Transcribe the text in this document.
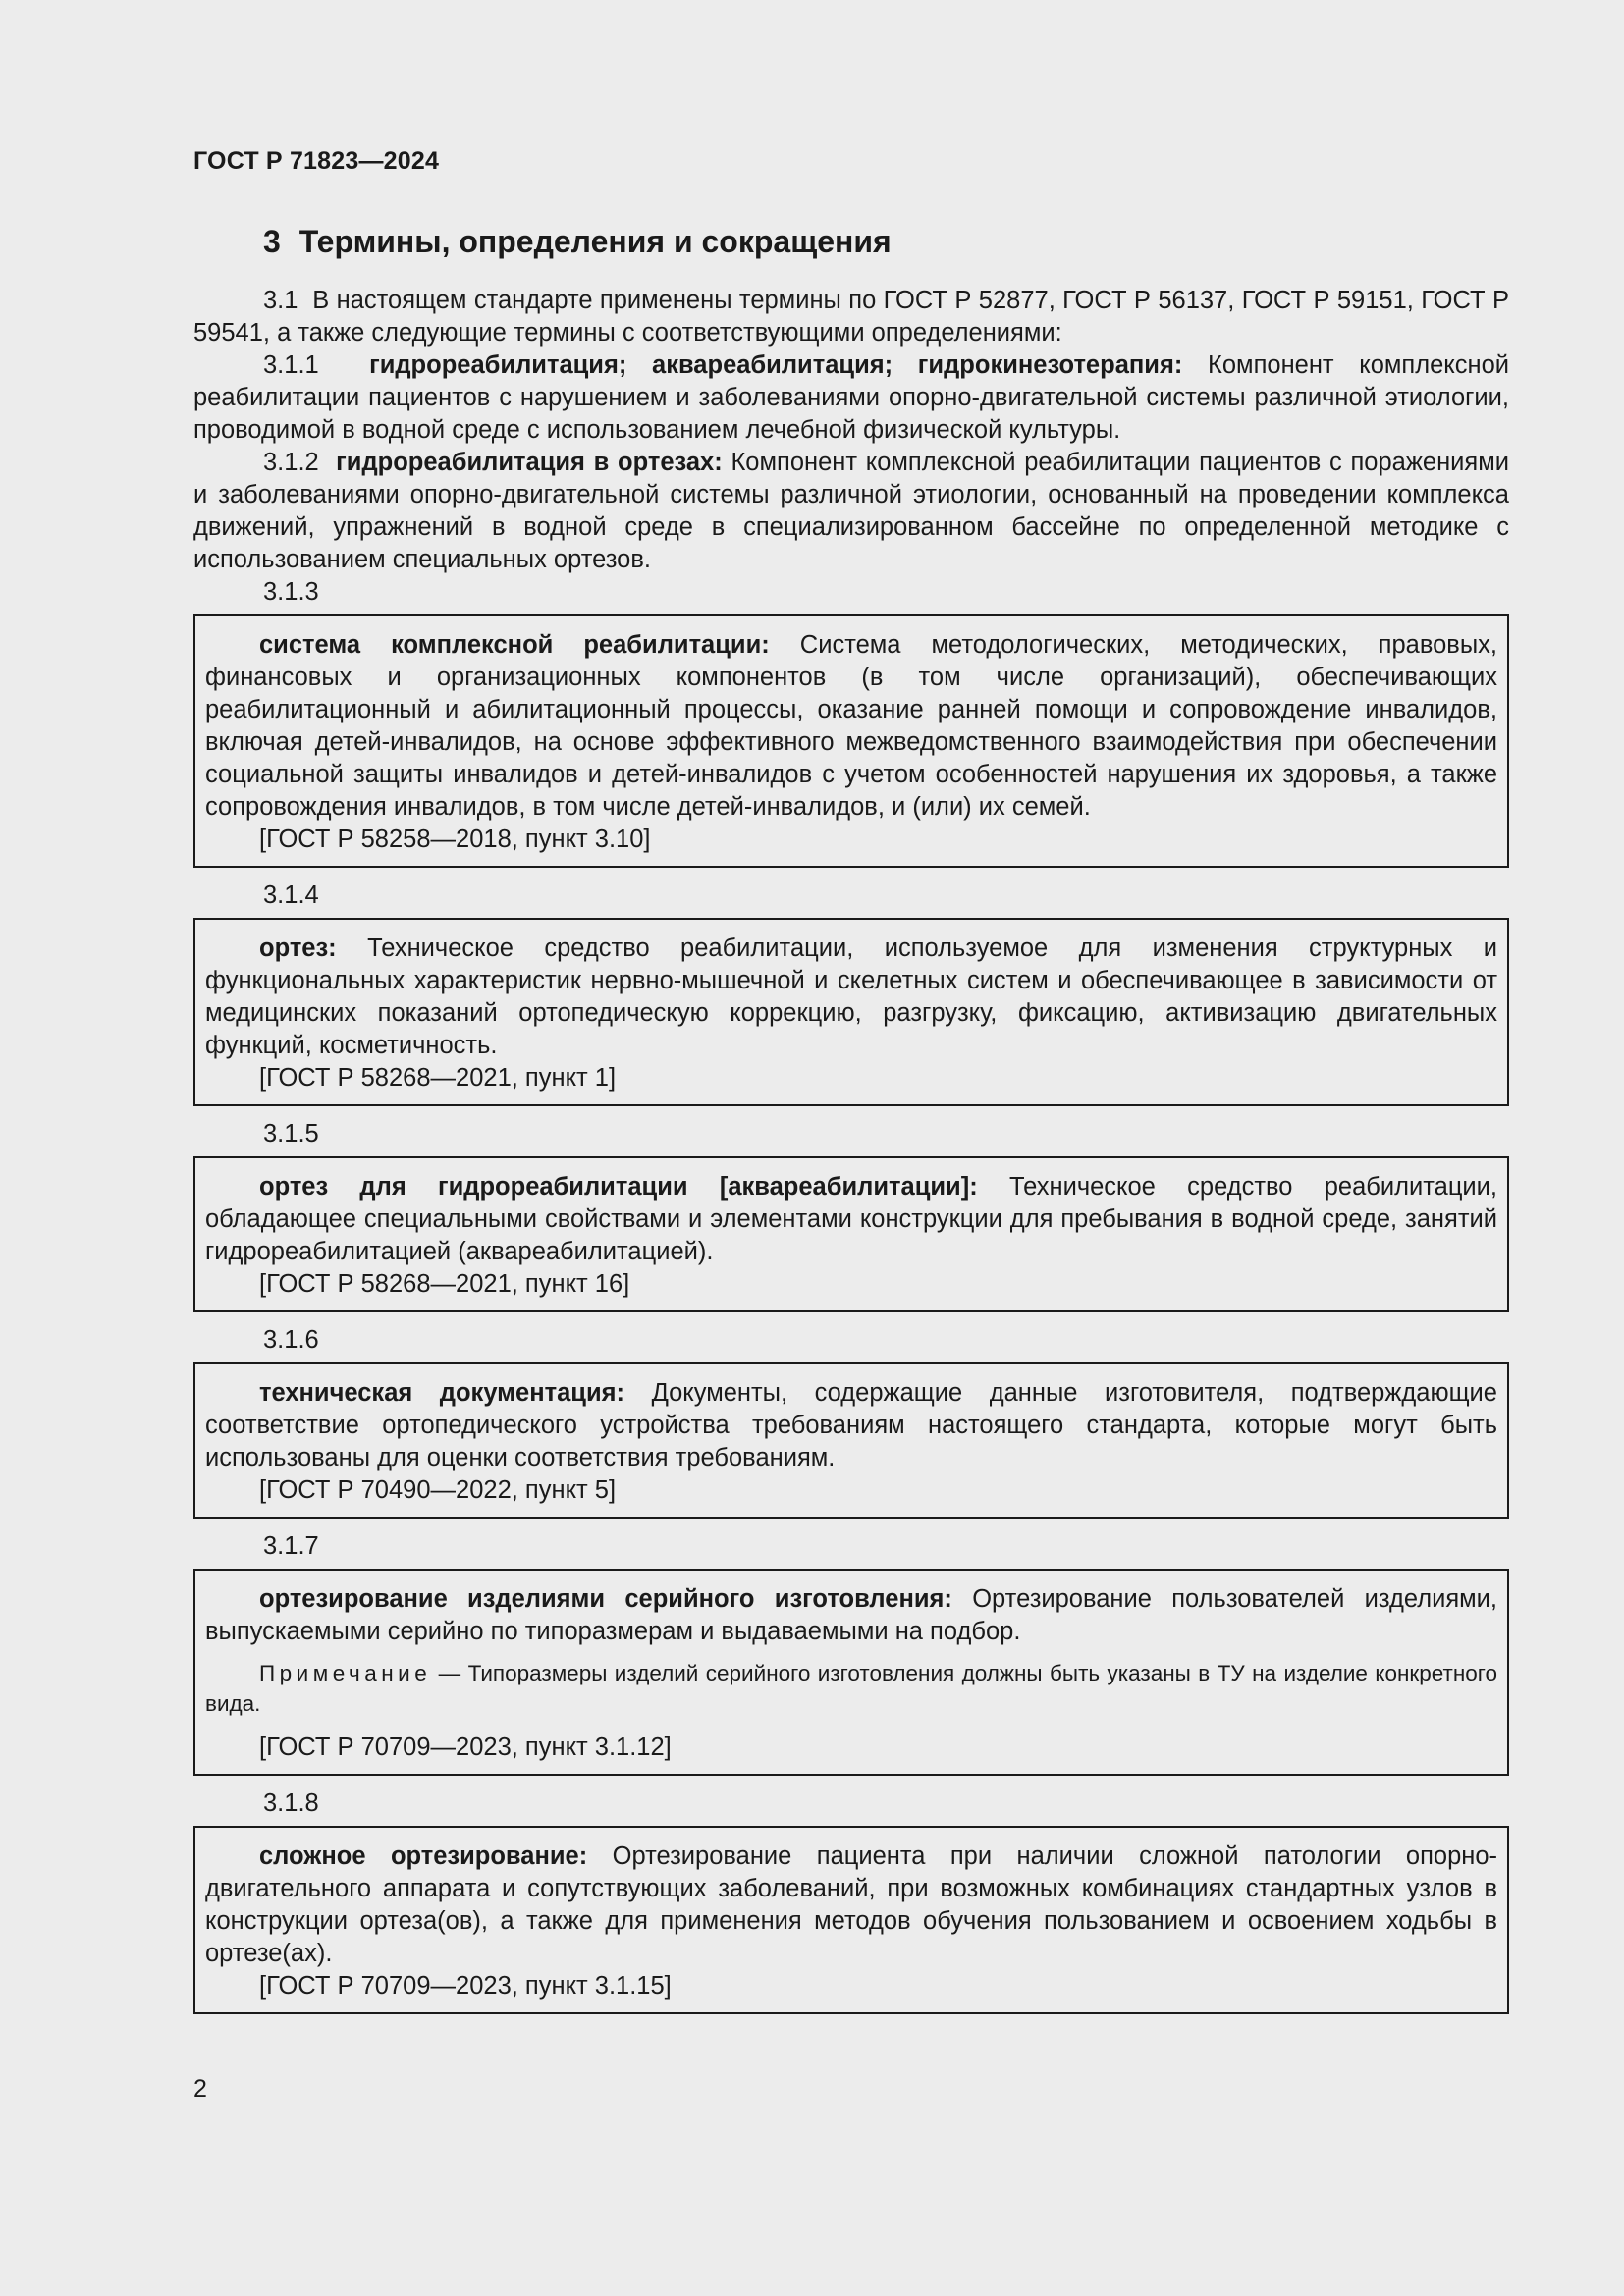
ГОСТ Р 71823—2024
3 Термины, определения и сокращения

3.1 В настоящем стандарте применены термины по ГОСТ Р 52877, ГОСТ Р 56137, ГОСТ Р 59151, ГОСТ Р 59541, а также следующие термины с соответствующими определениями:

3.1.1 гидрореабилитация; аквареабилитация; гидрокинезотерапия: Компонент комплексной реабилитации пациентов с нарушением и заболеваниями опорно-двигательной системы различной этиологии, проводимой в водной среде с использованием лечебной физической культуры.

3.1.2 гидрореабилитация в ортезах: Компонент комплексной реабилитации пациентов с поражениями и заболеваниями опорно-двигательной системы различной этиологии, основанный на проведении комплекса движений, упражнений в водной среде в специализированном бассейне по определенной методике с использованием специальных ортезов.

3.1.3

система комплексной реабилитации: Система методологических, методических, правовых, финансовых и организационных компонентов (в том числе организаций), обеспечивающих реабилитационный и абилитационный процессы, оказание ранней помощи и сопровождение инвалидов, включая детей-инвалидов, на основе эффективного межведомственного взаимодействия при обеспечении социальной защиты инвалидов и детей-инвалидов с учетом особенностей нарушения их здоровья, а также сопровождения инвалидов, в том числе детей-инвалидов, и (или) их семей.

[ГОСТ Р 58258—2018, пункт 3.10]

3.1.4

ортез: Техническое средство реабилитации, используемое для изменения структурных и функциональных характеристик нервно-мышечной и скелетных систем и обеспечивающее в зависимости от медицинских показаний ортопедическую коррекцию, разгрузку, фиксацию, активизацию двигательных функций, косметичность.

[ГОСТ Р 58268—2021, пункт 1]

3.1.5

ортез для гидрореабилитации [аквареабилитации]: Техническое средство реабилитации, обладающее специальными свойствами и элементами конструкции для пребывания в водной среде, занятий гидрореабилитацией (аквареабилитацией).

[ГОСТ Р 58268—2021, пункт 16]

3.1.6

техническая документация: Документы, содержащие данные изготовителя, подтверждающие соответствие ортопедического устройства требованиям настоящего стандарта, которые могут быть использованы для оценки соответствия требованиям.

[ГОСТ Р 70490—2022, пункт 5]

3.1.7

ортезирование изделиями серийного изготовления: Ортезирование пользователей изделиями, выпускаемыми серийно по типоразмерам и выдаваемыми на подбор.

Примечание — Типоразмеры изделий серийного изготовления должны быть указаны в ТУ на изделие конкретного вида.

[ГОСТ Р 70709—2023, пункт 3.1.12]

3.1.8

сложное ортезирование: Ортезирование пациента при наличии сложной патологии опорно-двигательного аппарата и сопутствующих заболеваний, при возможных комбинациях стандартных узлов в конструкции ортеза(ов), а также для применения методов обучения пользованием и освоением ходьбы в ортезе(ах).

[ГОСТ Р 70709—2023, пункт 3.1.15]

2
